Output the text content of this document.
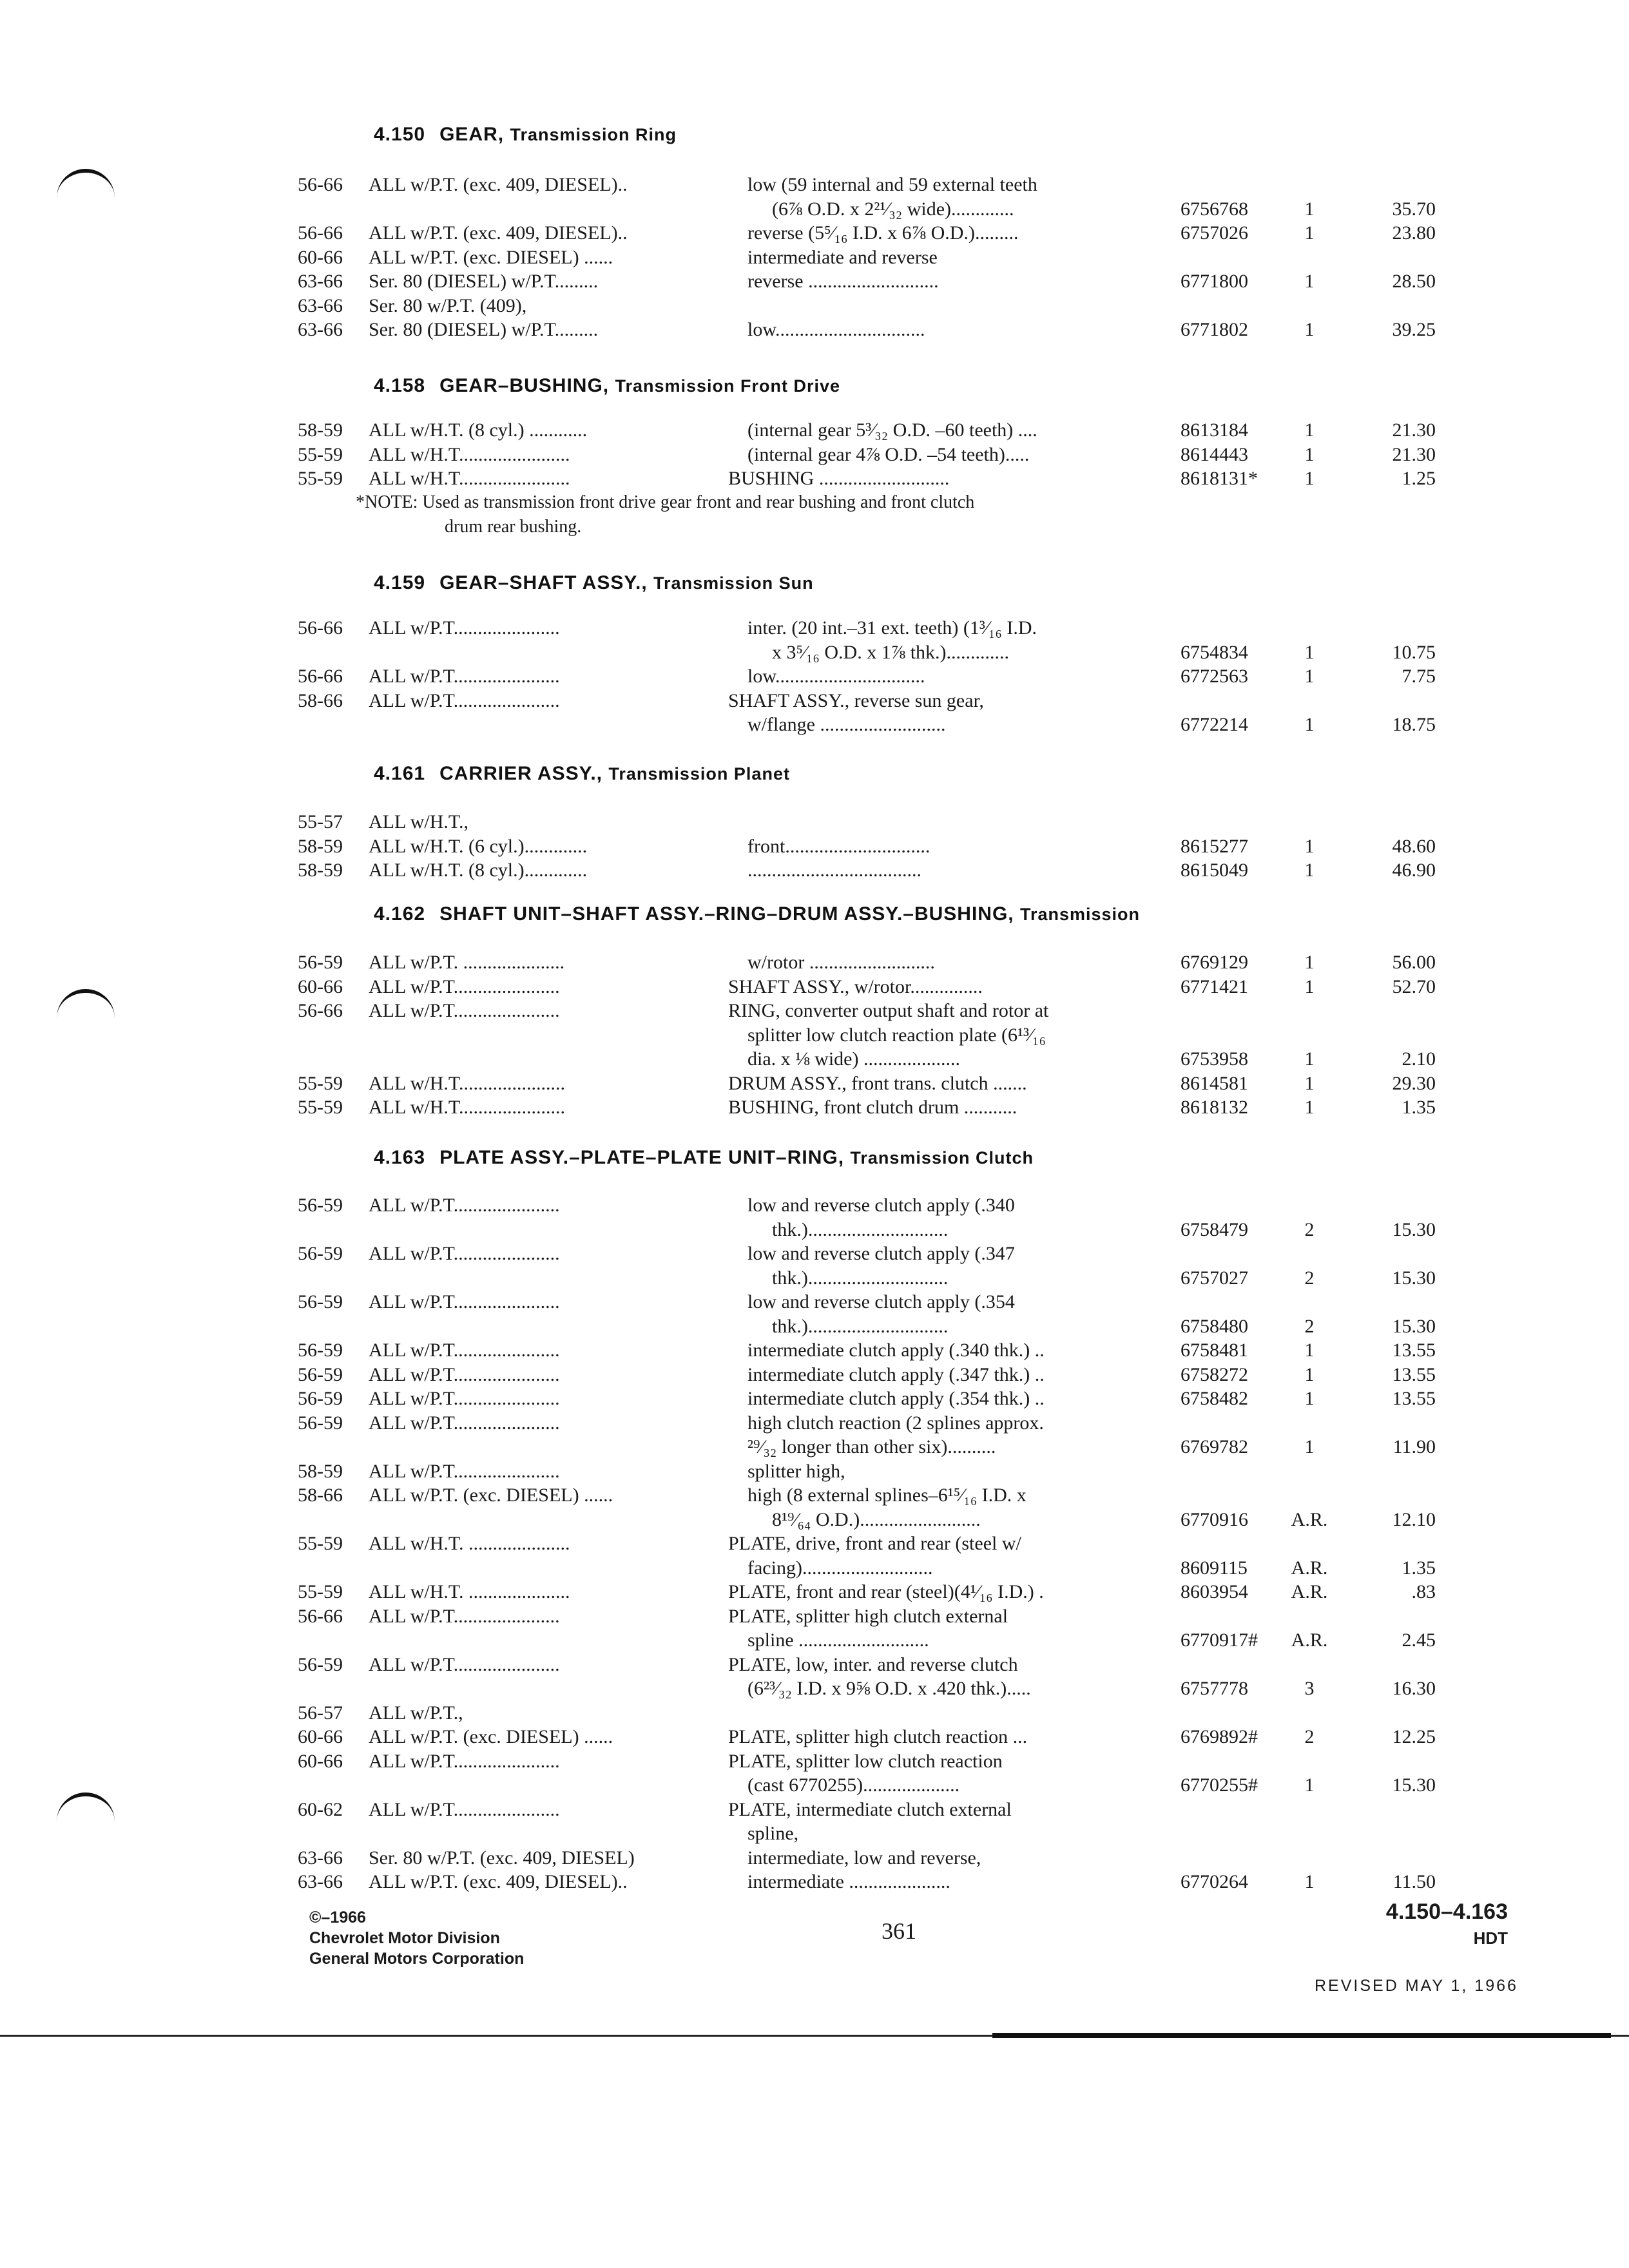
4.150 GEAR, Transmission Ring
56-66 ALL w/P.T. (exc. 409, DIESEL)..	low (59 internal and 59 external teeth
(6⅞ O.D. x 2²¹⁄₃₂ wide).............	6756768	1	35.70
56-66 ALL w/P.T. (exc. 409, DIESEL)..	reverse (5⁵⁄₁₆ I.D. x 6⅞ O.D.).........	6757026	1	23.80
60-66 ALL w/P.T. (exc. DIESEL) ......	intermediate and reverse
63-66 Ser. 80 (DIESEL) w/P.T.........	reverse ...........................	6771800	1	28.50
63-66 Ser. 80 w/P.T. (409),
63-66 Ser. 80 (DIESEL) w/P.T.........	low...............................	6771802	1	39.25
4.158 GEAR–BUSHING, Transmission Front Drive
58-59 ALL w/H.T. (8 cyl.) ............	(internal gear 5³⁄₃₂ O.D. –60 teeth) ....	8613184	1	21.30
55-59 ALL w/H.T.......................	(internal gear 4⅞ O.D. –54 teeth).....	8614443	1	21.30
55-59 ALL w/H.T.......................	BUSHING ...........................	8618131*	1	1.25
*NOTE: Used as transmission front drive gear front and rear bushing and front clutch
drum rear bushing.
4.159 GEAR–SHAFT ASSY., Transmission Sun
56-66 ALL w/P.T......................	inter. (20 int.–31 ext. teeth) (1³⁄₁₆ I.D.
x 3⁵⁄₁₆ O.D. x 1⅞ thk.).............	6754834	1	10.75
56-66 ALL w/P.T......................	low...............................	6772563	1	7.75
58-66 ALL w/P.T......................	SHAFT ASSY., reverse sun gear,
w/flange ..........................	6772214	1	18.75
4.161 CARRIER ASSY., Transmission Planet
55-57 ALL w/H.T.,
58-59 ALL w/H.T. (6 cyl.).............	front..............................	8615277	1	48.60
58-59 ALL w/H.T. (8 cyl.).............	....................................	8615049	1	46.90
4.162 SHAFT UNIT–SHAFT ASSY.–RING–DRUM ASSY.–BUSHING, Transmission
56-59 ALL w/P.T. .....................	w/rotor ..........................	6769129	1	56.00
60-66 ALL w/P.T......................	SHAFT ASSY., w/rotor...............	6771421	1	52.70
56-66 ALL w/P.T......................	RING, converter output shaft and rotor at
splitter low clutch reaction plate (6¹³⁄₁₆
dia. x ⅛ wide) ....................	6753958	1	2.10
55-59 ALL w/H.T......................	DRUM ASSY., front trans. clutch .......	8614581	1	29.30
55-59 ALL w/H.T......................	BUSHING, front clutch drum ...........	8618132	1	1.35
4.163 PLATE ASSY.–PLATE–PLATE UNIT–RING, Transmission Clutch
56-59 ALL w/P.T......................	low and reverse clutch apply (.340
thk.).............................	6758479	2	15.30
56-59 ALL w/P.T......................	low and reverse clutch apply (.347
thk.).............................	6757027	2	15.30
56-59 ALL w/P.T......................	low and reverse clutch apply (.354
thk.).............................	6758480	2	15.30
56-59 ALL w/P.T......................	intermediate clutch apply (.340 thk.) ..	6758481	1	13.55
56-59 ALL w/P.T......................	intermediate clutch apply (.347 thk.) ..	6758272	1	13.55
56-59 ALL w/P.T......................	intermediate clutch apply (.354 thk.) ..	6758482	1	13.55
56-59 ALL w/P.T......................	high clutch reaction (2 splines approx.
²⁹⁄₃₂ longer than other six)..........	6769782	1	11.90
58-59 ALL w/P.T......................	splitter high,
58-66 ALL w/P.T. (exc. DIESEL) ......	high (8 external splines–6¹⁵⁄₁₆ I.D. x
8¹⁹⁄₆₄ O.D.).........................	6770916 A.R.	12.10
55-59 ALL w/H.T. .....................	PLATE, drive, front and rear (steel w/
facing)...........................	8609115 A.R.	1.35
55-59 ALL w/H.T. .....................	PLATE, front and rear (steel)(4¹⁄₁₆ I.D.) .	8603954 A.R.	.83
56-66 ALL w/P.T......................	PLATE, splitter high clutch external
spline ...........................	6770917# A.R.	2.45
56-59 ALL w/P.T......................	PLATE, low, inter. and reverse clutch
(6²³⁄₃₂ I.D. x 9⅝ O.D. x .420 thk.).....	6757778	3	16.30
56-57 ALL w/P.T.,
60-66 ALL w/P.T. (exc. DIESEL) ......	PLATE, splitter high clutch reaction ...	6769892#	2	12.25
60-66 ALL w/P.T......................	PLATE, splitter low clutch reaction
(cast 6770255)....................	6770255#	1	15.30
60-62 ALL w/P.T......................	PLATE, intermediate clutch external
spline,
63-66 Ser. 80 w/P.T. (exc. 409, DIESEL)	intermediate, low and reverse,
63-66 ALL w/P.T. (exc. 409, DIESEL)..	intermediate .....................	6770264	1	11.50
©–1966
Chevrolet Motor Division
General Motors Corporation
361
4.150–4.163
HDT
REVISED MAY 1, 1966
